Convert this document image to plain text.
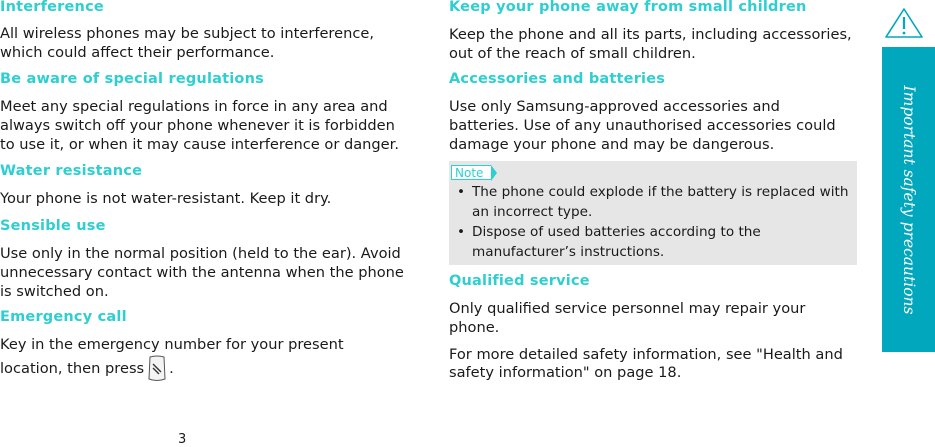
Interference

All wireless phones may be subject to interference, which could affect their performance.

Be aware of special regulations

Meet any special regulations in force in any area and always switch off your phone whenever it is forbidden to use it, or when it may cause interference or danger.

Water resistance

Your phone is not water-resistant. Keep it dry.

Sensible use

Use only in the normal position (held to the ear). Avoid unnecessary contact with the antenna when the phone is switched on.

Emergency call

Key in the emergency number for your present location, then press .

Keep your phone away from small children

Keep the phone and all its parts, including accessories, out of the reach of small children.

Accessories and batteries

Use only Samsung-approved accessories and batteries. Use of any unauthorised accessories could damage your phone and may be dangerous.

Note
• The phone could explode if the battery is replaced with an incorrect type.
• Dispose of used batteries according to the manufacturer’s instructions.
Qualified service

Only qualified service personnel may repair your phone.

For more detailed safety information, see "Health and safety information" on page 18.

Important safety precautions
3
